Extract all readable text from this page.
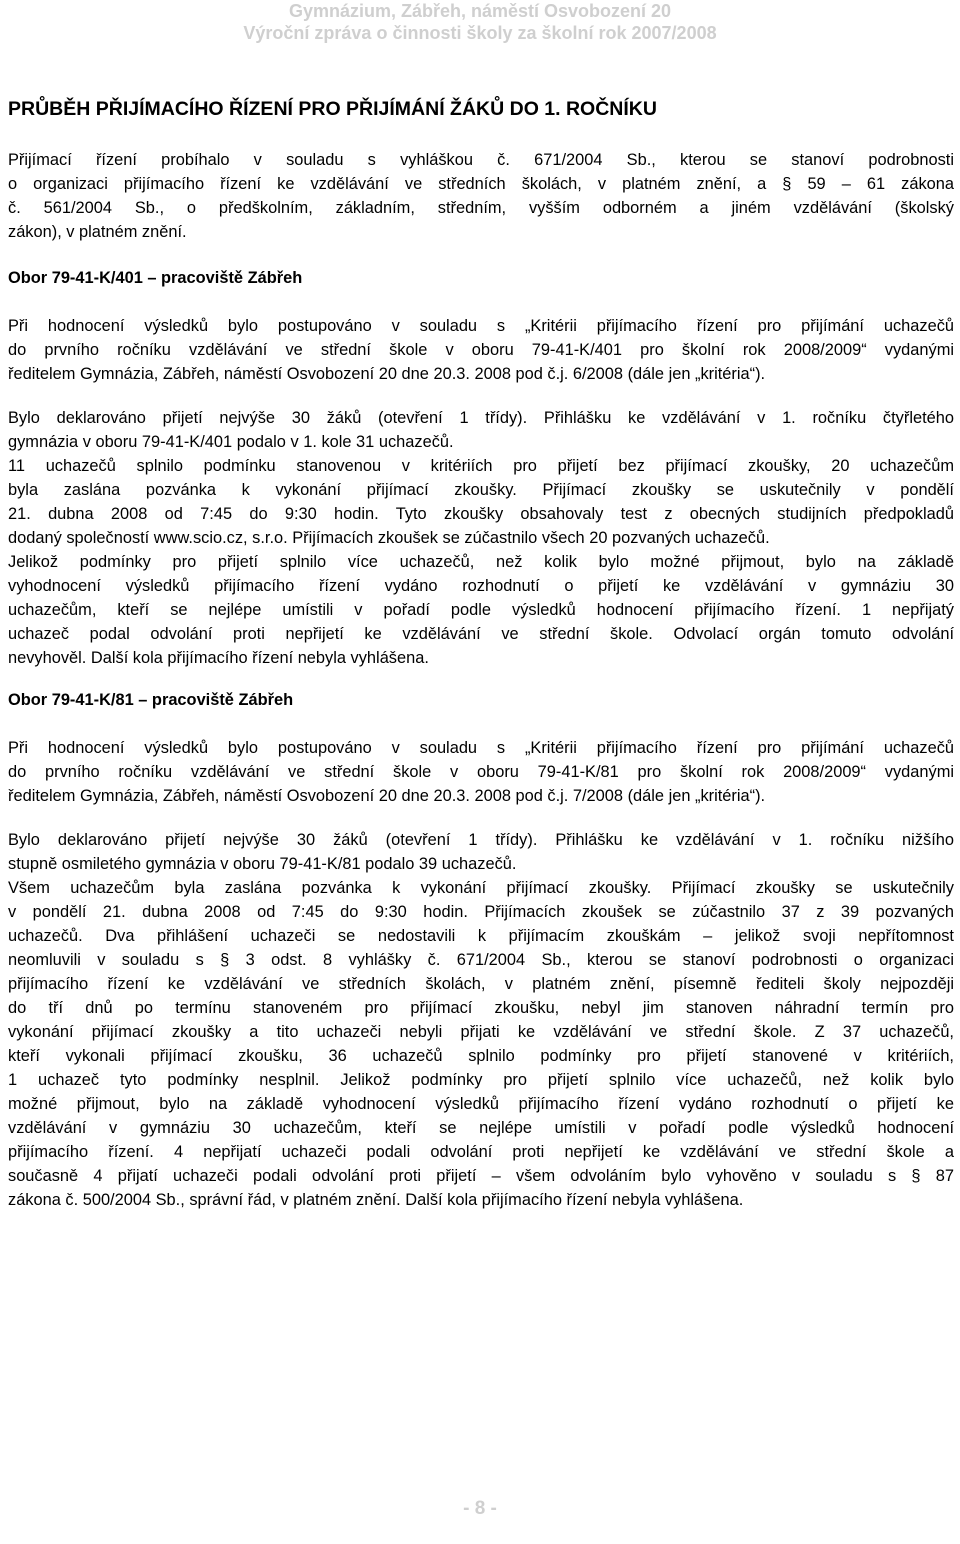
Gymnázium, Zábřeh, náměstí Osvobození 20
Výroční zpráva o činnosti školy za školní rok 2007/2008
PRŮBĚH PŘIJÍMACÍHO ŘÍZENÍ PRO PŘIJÍMÁNÍ ŽÁKŮ DO 1. ROČNÍKU
Přijímací řízení probíhalo v souladu s vyhláškou č. 671/2004 Sb., kterou se stanoví podrobnosti
o organizaci přijímacího řízení ke vzdělávání ve středních školách, v platném znění, a § 59 – 61 zákona
č. 561/2004 Sb., o předškolním, základním, středním, vyšším odborném a jiném vzdělávání (školský
zákon), v platném znění.
Obor 79-41-K/401 – pracoviště Zábřeh
Při hodnocení výsledků bylo postupováno v souladu s „Kritérii přijímacího řízení pro přijímání uchazečů
do prvního ročníku vzdělávání ve střední škole v oboru 79-41-K/401 pro školní rok 2008/2009“ vydanými
ředitelem Gymnázia, Zábřeh, náměstí Osvobození 20 dne 20.3. 2008 pod č.j. 6/2008 (dále jen „kritéria“).
Bylo deklarováno přijetí nejvýše 30 žáků (otevření 1 třídy). Přihlášku ke vzdělávání v 1. ročníku čtyřletého
gymnázia v oboru 79-41-K/401 podalo v 1. kole 31 uchazečů.
11 uchazečů splnilo podmínku stanovenou v kritériích pro přijetí bez přijímací zkoušky, 20 uchazečům
byla zaslána pozvánka k vykonání přijímací zkoušky. Přijímací zkoušky se uskutečnily v pondělí
21. dubna 2008 od 7:45 do 9:30 hodin. Tyto zkoušky obsahovaly test z obecných studijních předpokladů
dodaný společností www.scio.cz, s.r.o. Přijímacích zkoušek se zúčastnilo všech 20 pozvaných uchazečů.
Jelikož podmínky pro přijetí splnilo více uchazečů, než kolik bylo možné přijmout, bylo na základě
vyhodnocení výsledků přijímacího řízení vydáno rozhodnutí o přijetí ke vzdělávání v gymnáziu 30
uchazečům, kteří se nejlépe umístili v pořadí podle výsledků hodnocení přijímacího řízení. 1 nepřijatý
uchazeč podal odvolání proti nepřijetí ke vzdělávání ve střední škole. Odvolací orgán tomuto odvolání
nevyhověl. Další kola přijímacího řízení nebyla vyhlášena.
Obor 79-41-K/81 – pracoviště Zábřeh
Při hodnocení výsledků bylo postupováno v souladu s „Kritérii přijímacího řízení pro přijímání uchazečů
do prvního ročníku vzdělávání ve střední škole v oboru 79-41-K/81 pro školní rok 2008/2009“ vydanými
ředitelem Gymnázia, Zábřeh, náměstí Osvobození 20 dne 20.3. 2008 pod č.j. 7/2008 (dále jen „kritéria“).
Bylo deklarováno přijetí nejvýše 30 žáků (otevření 1 třídy). Přihlášku ke vzdělávání v 1. ročníku nižšího
stupně osmiletého gymnázia v oboru 79-41-K/81 podalo 39 uchazečů.
Všem uchazečům byla zaslána pozvánka k vykonání přijímací zkoušky. Přijímací zkoušky se uskutečnily
v pondělí 21. dubna 2008 od 7:45 do 9:30 hodin. Přijímacích zkoušek se zúčastnilo 37 z 39 pozvaných
uchazečů. Dva přihlášení uchazeči se nedostavili k přijímacím zkouškám – jelikož svoji nepřítomnost
neomluvili v souladu s § 3 odst. 8 vyhlášky č. 671/2004 Sb., kterou se stanoví podrobnosti o organizaci
přijímacího řízení ke vzdělávání ve středních školách, v platném znění, písemně řediteli školy nejpozději
do tří dnů po termínu stanoveném pro přijímací zkoušku, nebyl jim stanoven náhradní termín pro
vykonání přijímací zkoušky a tito uchazeči nebyli přijati ke vzdělávání ve střední škole. Z 37 uchazečů,
kteří vykonali přijímací zkoušku, 36 uchazečů splnilo podmínky pro přijetí stanovené v kritériích,
1 uchazeč tyto podmínky nesplnil. Jelikož podmínky pro přijetí splnilo více uchazečů, než kolik bylo
možné přijmout, bylo na základě vyhodnocení výsledků přijímacího řízení vydáno rozhodnutí o přijetí ke
vzdělávání v gymnáziu 30 uchazečům, kteří se nejlépe umístili v pořadí podle výsledků hodnocení
přijímacího řízení. 4 nepřijatí uchazeči podali odvolání proti nepřijetí ke vzdělávání ve střední škole a
současně 4 přijatí uchazeči podali odvolání proti přijetí – všem odvoláním bylo vyhověno v souladu s § 87
zákona č. 500/2004 Sb., správní řád, v platném znění. Další kola přijímacího řízení nebyla vyhlášena.
- 8 -
